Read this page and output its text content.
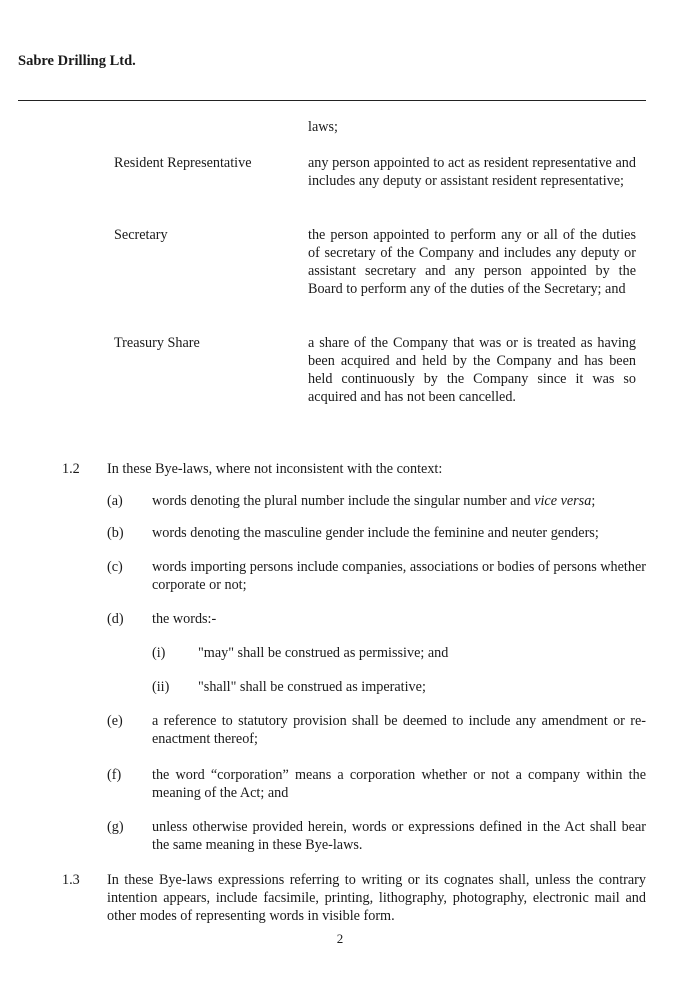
Sabre Drilling Ltd.
laws;
Resident Representative	any person appointed to act as resident representative and includes any deputy or assistant resident representative;
Secretary	the person appointed to perform any or all of the duties of secretary of the Company and includes any deputy or assistant secretary and any person appointed by the Board to perform any of the duties of the Secretary; and
Treasury Share	a share of the Company that was or is treated as having been acquired and held by the Company and has been held continuously by the Company since it was so acquired and has not been cancelled.
1.2 In these Bye-laws, where not inconsistent with the context:
(a) words denoting the plural number include the singular number and vice versa;
(b) words denoting the masculine gender include the feminine and neuter genders;
(c) words importing persons include companies, associations or bodies of persons whether corporate or not;
(d) the words:-
(i) "may" shall be construed as permissive; and
(ii) "shall" shall be construed as imperative;
(e) a reference to statutory provision shall be deemed to include any amendment or re-enactment thereof;
(f) the word “corporation” means a corporation whether or not a company within the meaning of the Act; and
(g) unless otherwise provided herein, words or expressions defined in the Act shall bear the same meaning in these Bye-laws.
1.3 In these Bye-laws expressions referring to writing or its cognates shall, unless the contrary intention appears, include facsimile, printing, lithography, photography, electronic mail and other modes of representing words in visible form.
2
